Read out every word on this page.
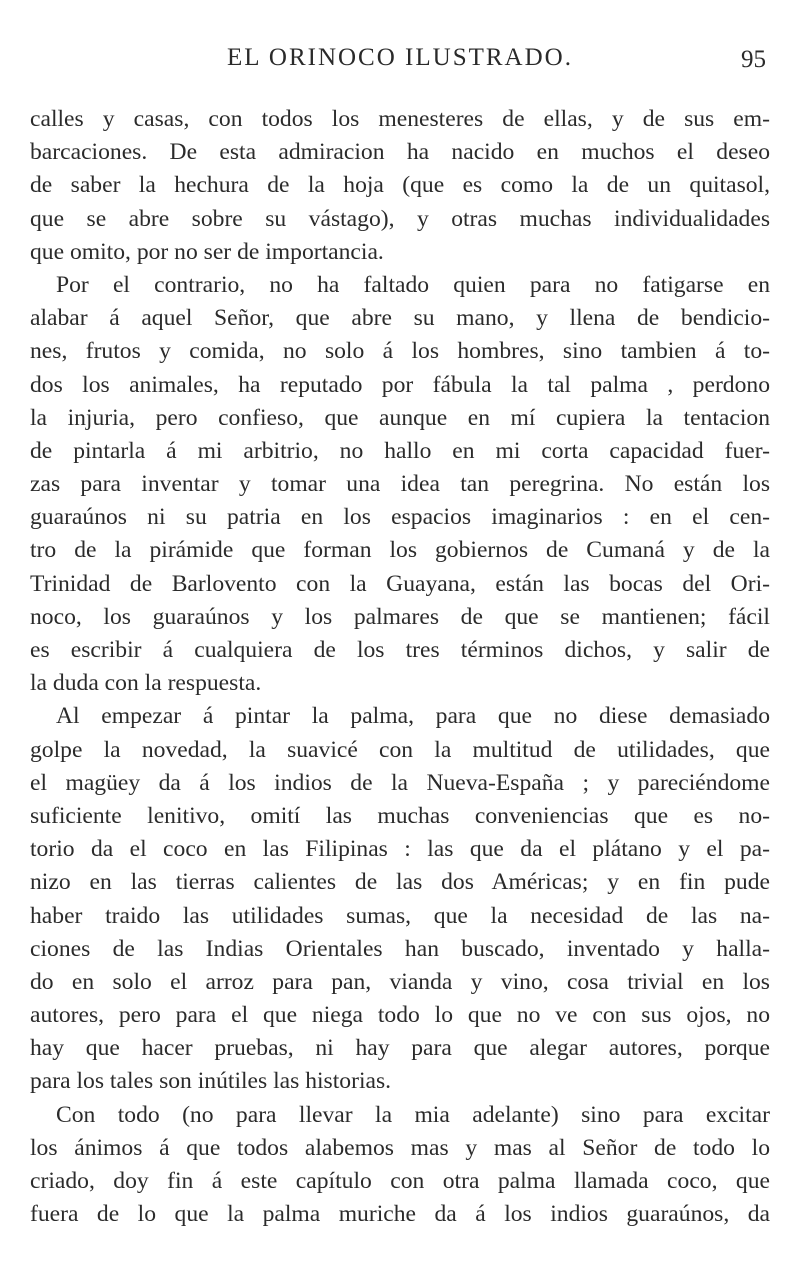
EL ORINOCO ILUSTRADO.	95
calles y casas, con todos los menesteres de ellas, y de sus em-
barcaciones. De esta admiracion ha nacido en muchos el deseo
de saber la hechura de la hoja (que es como la de un quitasol,
que se abre sobre su vástago), y otras muchas individualidades
que omito, por no ser de importancia.
Por el contrario, no ha faltado quien para no fatigarse en
alabar á aquel Señor, que abre su mano, y llena de bendicio-
nes, frutos y comida, no solo á los hombres, sino tambien á to-
dos los animales, ha reputado por fábula la tal palma , perdono
la injuria, pero confieso, que aunque en mí cupiera la tentacion
de pintarla á mi arbitrio, no hallo en mi corta capacidad fuer-
zas para inventar y tomar una idea tan peregrina. No están los
guaraúnos ni su patria en los espacios imaginarios : en el cen-
tro de la pirámide que forman los gobiernos de Cumaná y de la
Trinidad de Barlovento con la Guayana, están las bocas del Ori-
noco, los guaraúnos y los palmares de que se mantienen; fácil
es escribir á cualquiera de los tres términos dichos, y salir de
la duda con la respuesta.
Al empezar á pintar la palma, para que no diese demasiado
golpe la novedad, la suavicé con la multitud de utilidades, que
el magüey da á los indios de la Nueva-España ; y pareciéndome
suficiente lenitivo, omití las muchas conveniencias que es no-
torio da el coco en las Filipinas : las que da el plátano y el pa-
nizo en las tierras calientes de las dos Américas; y en fin pude
haber traido las utilidades sumas, que la necesidad de las na-
ciones de las Indias Orientales han buscado, inventado y halla-
do en solo el arroz para pan, vianda y vino, cosa trivial en los
autores, pero para el que niega todo lo que no ve con sus ojos, no
hay que hacer pruebas, ni hay para que alegar autores, porque
para los tales son inútiles las historias.
Con todo (no para llevar la mia adelante) sino para excitar
los ánimos á que todos alabemos mas y mas al Señor de todo lo
criado, doy fin á este capítulo con otra palma llamada coco, que
fuera de lo que la palma muriche da á los indios guaraúnos, da
